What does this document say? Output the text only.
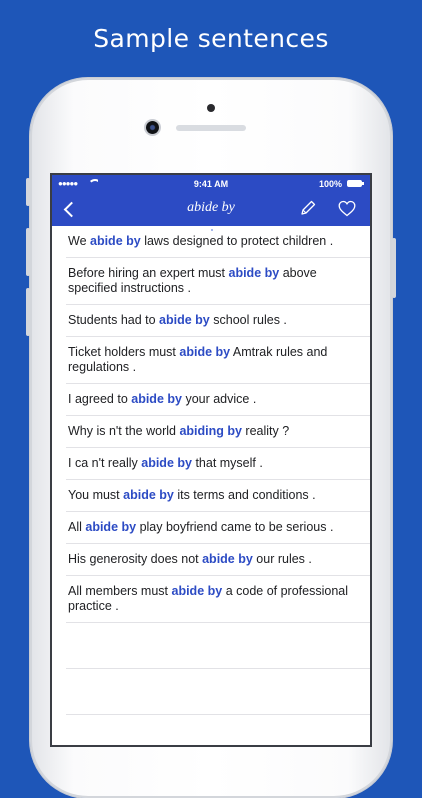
Sample sentences
●●●●●	9:41 AM	100%
abide by
We abide by laws designed to protect children .
Before hiring an expert must abide by above specified instructions .
Students had to abide by school rules .
Ticket holders must abide by Amtrak rules and regulations .
I agreed to abide by your advice .
Why is n't the world abiding by reality ?
I ca n't really abide by that myself .
You must abide by its terms and conditions .
All abide by play boyfriend came to be serious .
His generosity does not abide by our rules .
All members must abide by a code of professional practice .
